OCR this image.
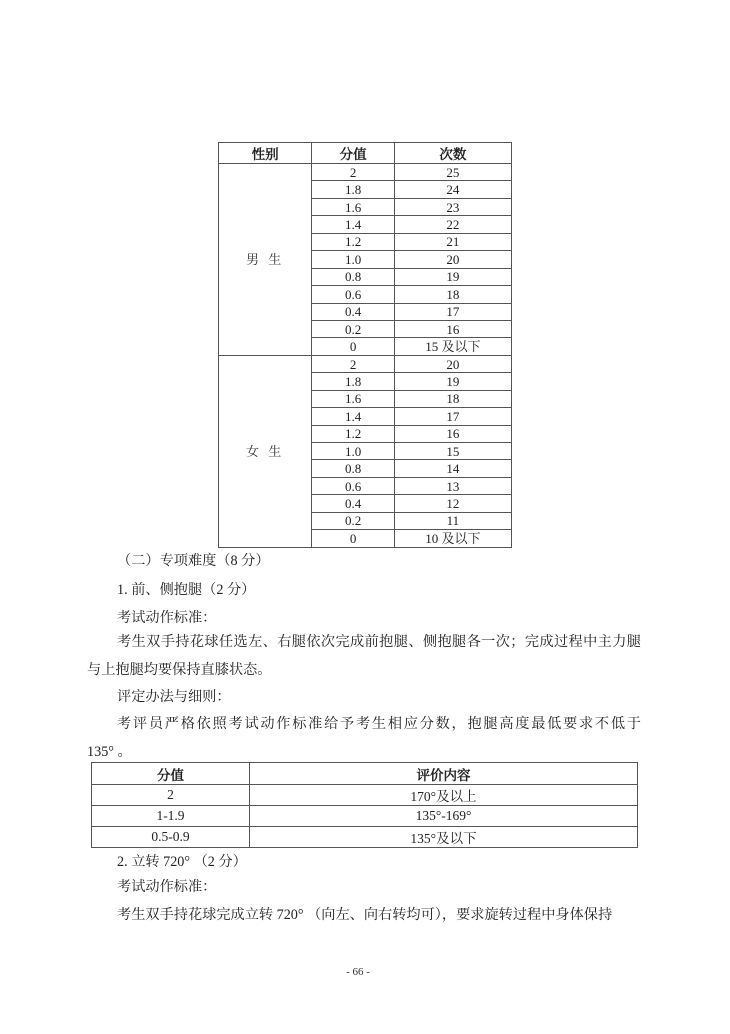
性别	分值	次数
男 生	2	25
	1.8	24
	1.6	23
	1.4	22
	1.2	21
	1.0	20
	0.8	19
	0.6	18
	0.4	17
	0.2	16
	0	15 及以下
女 生	2	20
	1.8	19
	1.6	18
	1.4	17
	1.2	16
	1.0	15
	0.8	14
	0.6	13
	0.4	12
	0.2	11
	0	10 及以下
（二）专项难度（8 分）
1. 前、侧抱腿（2 分）
考试动作标准：
考生双手持花球任选左、右腿依次完成前抱腿、侧抱腿各一次；完成过程中主力腿
与上抱腿均要保持直膝状态。
评定办法与细则：
考评员严格依照考试动作标准给予考生相应分数，抱腿高度最低要求不低于
135° 。
分值	评价内容
2	170°及以上
1-1.9	135°-169°
0.5-0.9	135°及以下
2. 立转 720° （2 分）
考试动作标准：
考生双手持花球完成立转 720° （向左、向右转均可），要求旋转过程中身体保持
- 66 -
